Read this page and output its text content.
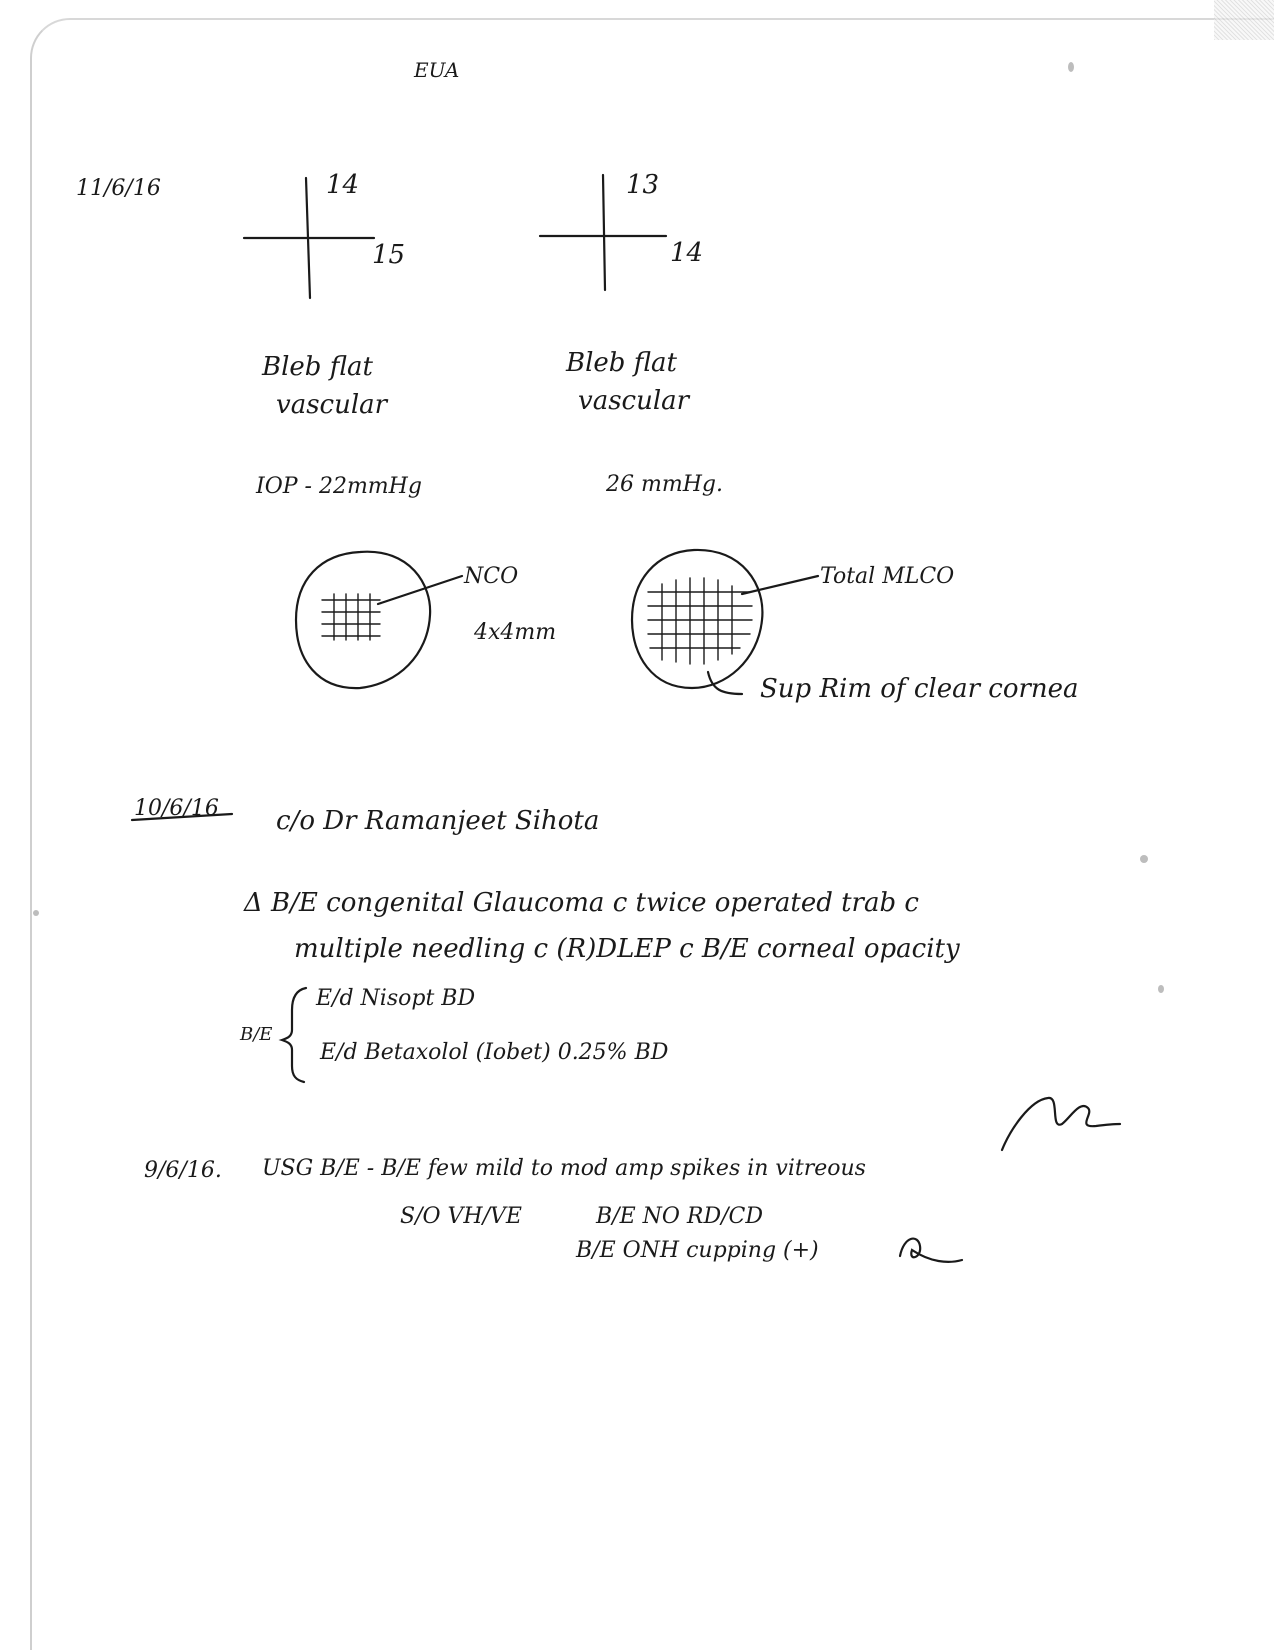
EUA
11/6/16	14
15
13
14
Bleb flat
vascular
Bleb flat
vascular
IOP - 22mmHg	26 mmHg.
NCO
4x4mm
Total MLCO
Sup Rim of clear cornea
10/6/16 c/o Dr Ramanjeet Sihota
Δ B/E congenital Glaucoma c twice operated trab c
multiple needling c (R)DLEP c B/E corneal opacity
B/E
E/d Nisopt BD
E/d Betaxolol (Iobet) 0.25% BD
9/6/16. USG B/E - B/E few mild to mod amp spikes in vitreous
S/O VH/VE	B/E NO RD/CD
B/E ONH cupping (+)
